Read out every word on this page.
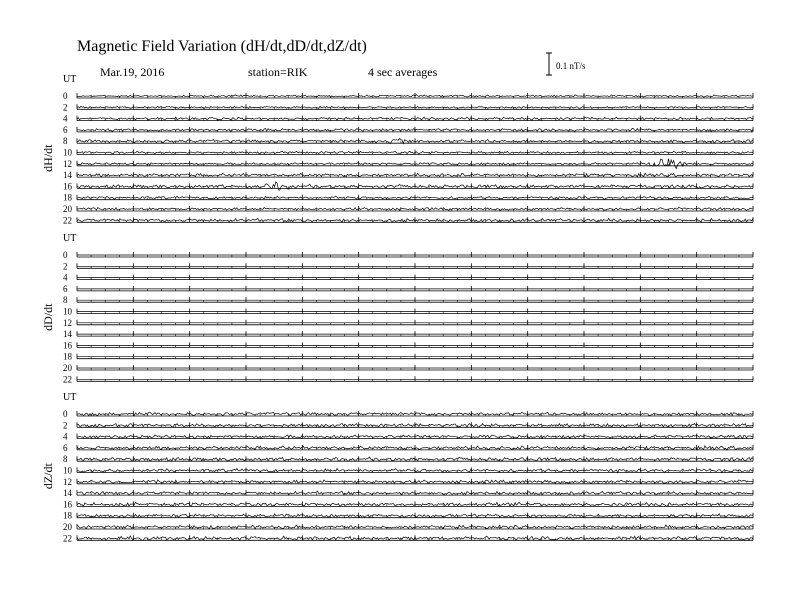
Magnetic Field Variation (dH/dt,dD/dt,dZ/dt)
Mar.19, 2016	station=RIK	4 sec averages	0.1 nT/s
UT
dH/dt
0
2
4
6
8
10
12
14
16
18
20
22
UT
dD/dt
0
2
4
6
8
10
12
14
16
18
20
22
UT
dZ/dt
0
2
4
6
8
10
12
14
16
18
20
22
